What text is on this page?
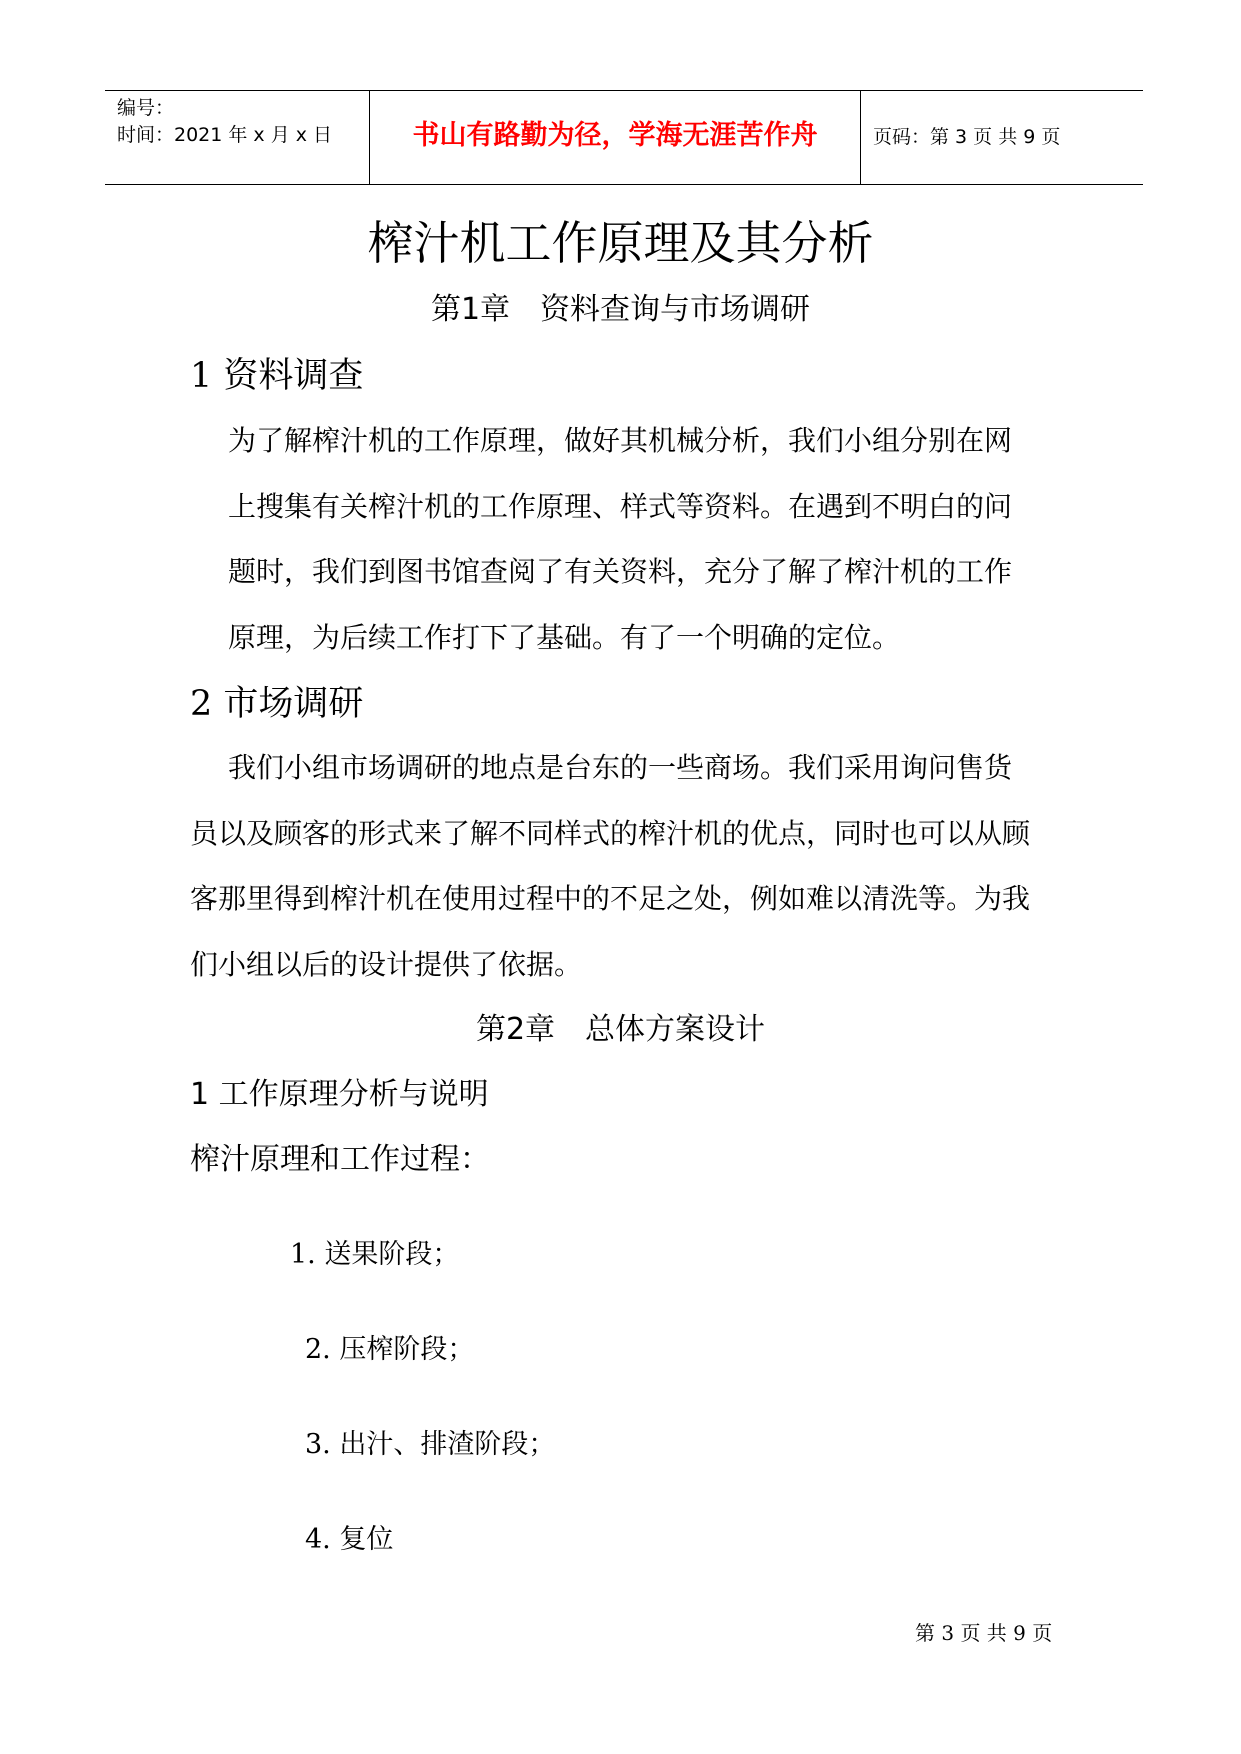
编号：
时间：2021 年 x 月 x 日	书山有路勤为径，学海无涯苦作舟	页码：第 3 页 共 9 页
榨汁机工作原理及其分析
第1章 资料查询与市场调研
1 资料调查

为了解榨汁机的工作原理，做好其机械分析，我们小组分别在网

上搜集有关榨汁机的工作原理、样式等资料。在遇到不明白的问

题时，我们到图书馆查阅了有关资料，充分了解了榨汁机的工作

原理，为后续工作打下了基础。有了一个明确的定位。

2 市场调研

我们小组市场调研的地点是台东的一些商场。我们采用询问售货

员以及顾客的形式来了解不同样式的榨汁机的优点，同时也可以从顾

客那里得到榨汁机在使用过程中的不足之处，例如难以清洗等。为我

们小组以后的设计提供了依据。

第2章 总体方案设计
1 工作原理分析与说明
榨汁原理和工作过程：
1. 送果阶段；
2. 压榨阶段；
3. 出汁、排渣阶段；
4. 复位
第 3 页 共 9 页
